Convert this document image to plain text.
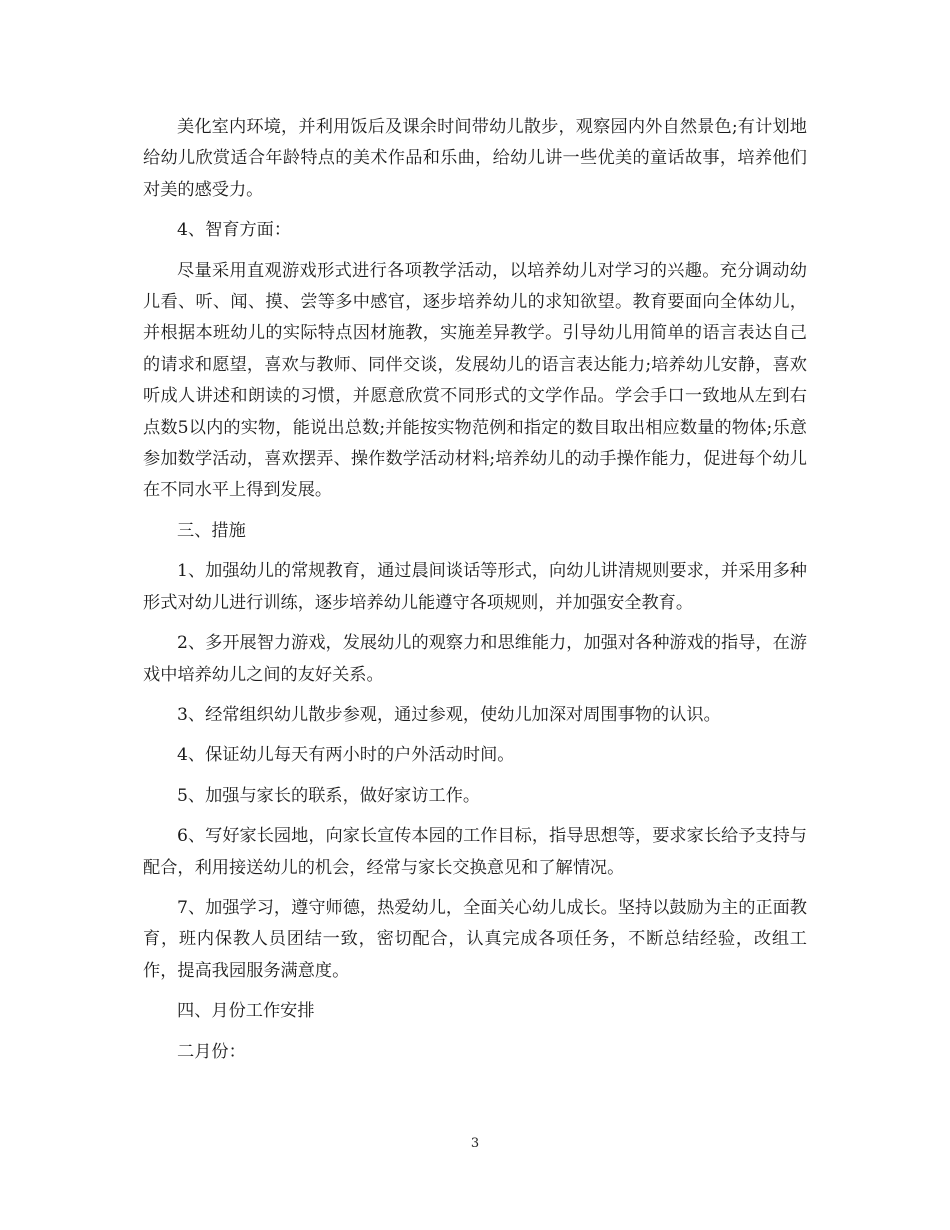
美化室内环境，并利用饭后及课余时间带幼儿散步，观察园内外自然景色;有计划地给幼儿欣赏适合年龄特点的美术作品和乐曲，给幼儿讲一些优美的童话故事，培养他们对美的感受力。

4、智育方面：

尽量采用直观游戏形式进行各项教学活动，以培养幼儿对学习的兴趣。充分调动幼儿看、听、闻、摸、尝等多中感官，逐步培养幼儿的求知欲望。教育要面向全体幼儿，并根据本班幼儿的实际特点因材施教，实施差异教学。引导幼儿用简单的语言表达自己的请求和愿望，喜欢与教师、同伴交谈，发展幼儿的语言表达能力;培养幼儿安静，喜欢听成人讲述和朗读的习惯，并愿意欣赏不同形式的文学作品。学会手口一致地从左到右点数5以内的实物，能说出总数;并能按实物范例和指定的数目取出相应数量的物体;乐意参加数学活动，喜欢摆弄、操作数学活动材料;培养幼儿的动手操作能力，促进每个幼儿在不同水平上得到发展。

三、措施

1、加强幼儿的常规教育，通过晨间谈话等形式，向幼儿讲清规则要求，并采用多种形式对幼儿进行训练，逐步培养幼儿能遵守各项规则，并加强安全教育。

2、多开展智力游戏，发展幼儿的观察力和思维能力，加强对各种游戏的指导，在游戏中培养幼儿之间的友好关系。

3、经常组织幼儿散步参观，通过参观，使幼儿加深对周围事物的认识。

4、保证幼儿每天有两小时的户外活动时间。

5、加强与家长的联系，做好家访工作。

6、写好家长园地，向家长宣传本园的工作目标，指导思想等，要求家长给予支持与配合，利用接送幼儿的机会，经常与家长交换意见和了解情况。

7、加强学习，遵守师德，热爱幼儿，全面关心幼儿成长。坚持以鼓励为主的正面教育，班内保教人员团结一致，密切配合，认真完成各项任务，不断总结经验，改组工作，提高我园服务满意度。

四、月份工作安排

二月份：

3
